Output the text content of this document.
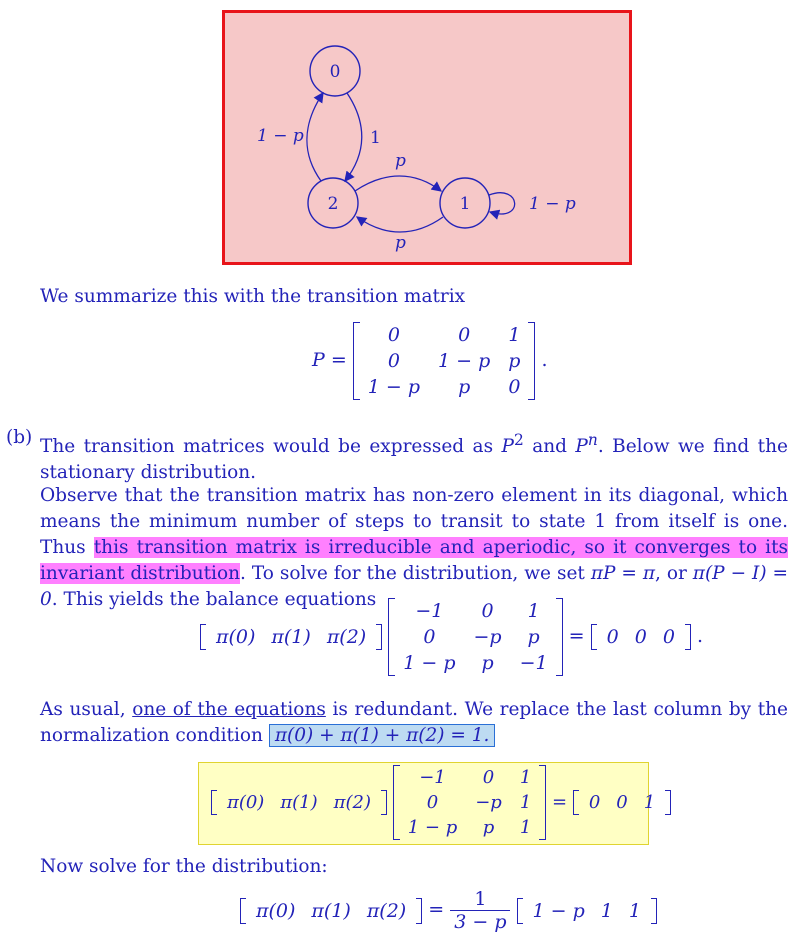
0
1
2
1
1 − p
p
p
1 − p
We summarize this with the transition matrix
P =
0	0	1
0	1 − p	p
1 − p	p	0
.
(b) The transition matrices would be expressed as $P^2$ and $P^n$. Below we find the stationary distribution.
Observe that the transition matrix has non-zero element in its diagonal, which means the minimum number of steps to transit to state 1 from itself is one. Thus this transition matrix is irreducible and aperiodic, so it converges to its invariant distribution. To solve for the distribution, we set πP = π, or π(P − I) = 0. This yields the balance equations
π(0) π(1) π(2)
−1	0	1
0	−p	p
1 − p	p	−1
= 0 0 0 .
As usual, one of the equations is redundant. We replace the last column by the normalization condition π(0) + π(1) + π(2) = 1.
π(0) π(1) π(2)
−1	0	1
0	−p	1
1 − p	p	1
= 0 0 1
Now solve for the distribution:
π(0) π(1) $\pi(2) = \frac{1}{3 - p} 1 - p$ 1 1
